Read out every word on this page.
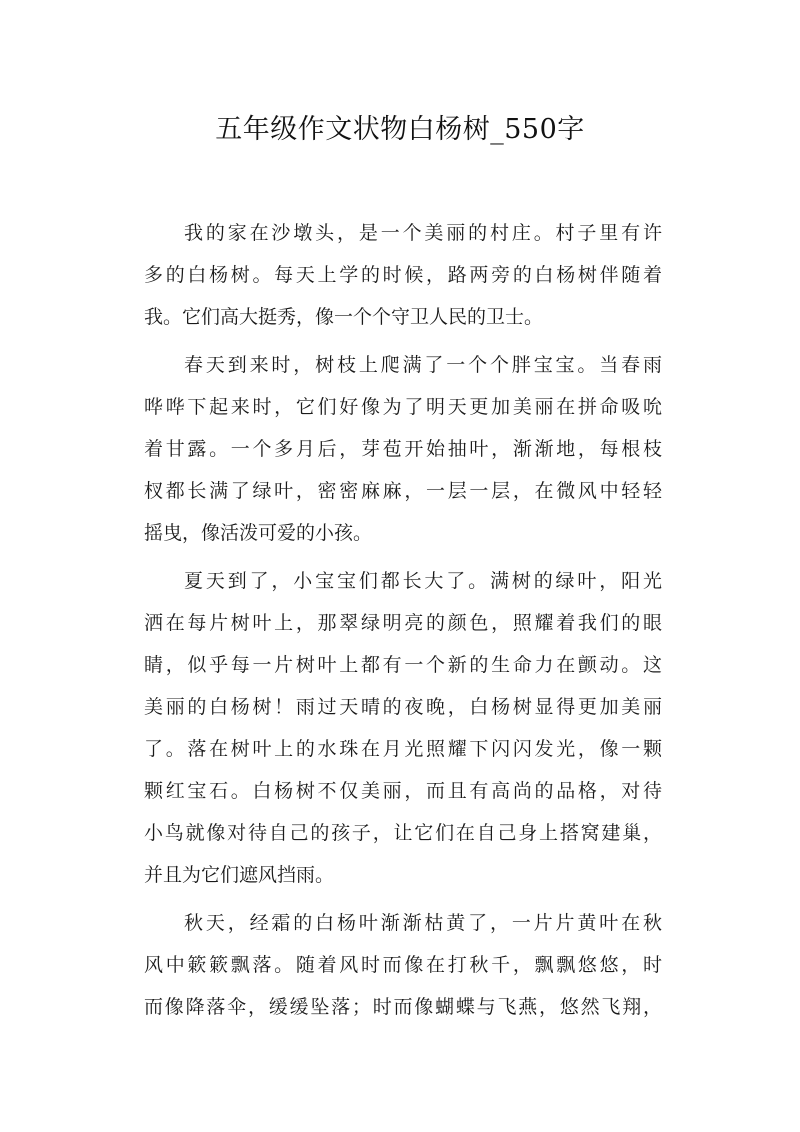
五年级作文状物白杨树_550字
我的家在沙墩头，是一个美丽的村庄。村子里有许
多的白杨树。每天上学的时候，路两旁的白杨树伴随着
我。它们高大挺秀，像一个个守卫人民的卫士。
春天到来时，树枝上爬满了一个个胖宝宝。当春雨
哗哗下起来时，它们好像为了明天更加美丽在拼命吸吮
着甘露。一个多月后，芽苞开始抽叶，渐渐地，每根枝
杈都长满了绿叶，密密麻麻，一层一层，在微风中轻轻
摇曳，像活泼可爱的小孩。
夏天到了，小宝宝们都长大了。满树的绿叶，阳光
洒在每片树叶上，那翠绿明亮的颜色，照耀着我们的眼
睛，似乎每一片树叶上都有一个新的生命力在颤动。这
美丽的白杨树！雨过天晴的夜晚，白杨树显得更加美丽
了。落在树叶上的水珠在月光照耀下闪闪发光，像一颗
颗红宝石。白杨树不仅美丽，而且有高尚的品格，对待
小鸟就像对待自己的孩子，让它们在自己身上搭窝建巢，
并且为它们遮风挡雨。
秋天，经霜的白杨叶渐渐枯黄了，一片片黄叶在秋
风中簌簌飘落。随着风时而像在打秋千，飘飘悠悠，时
而像降落伞，缓缓坠落；时而像蝴蝶与飞燕，悠然飞翔，
